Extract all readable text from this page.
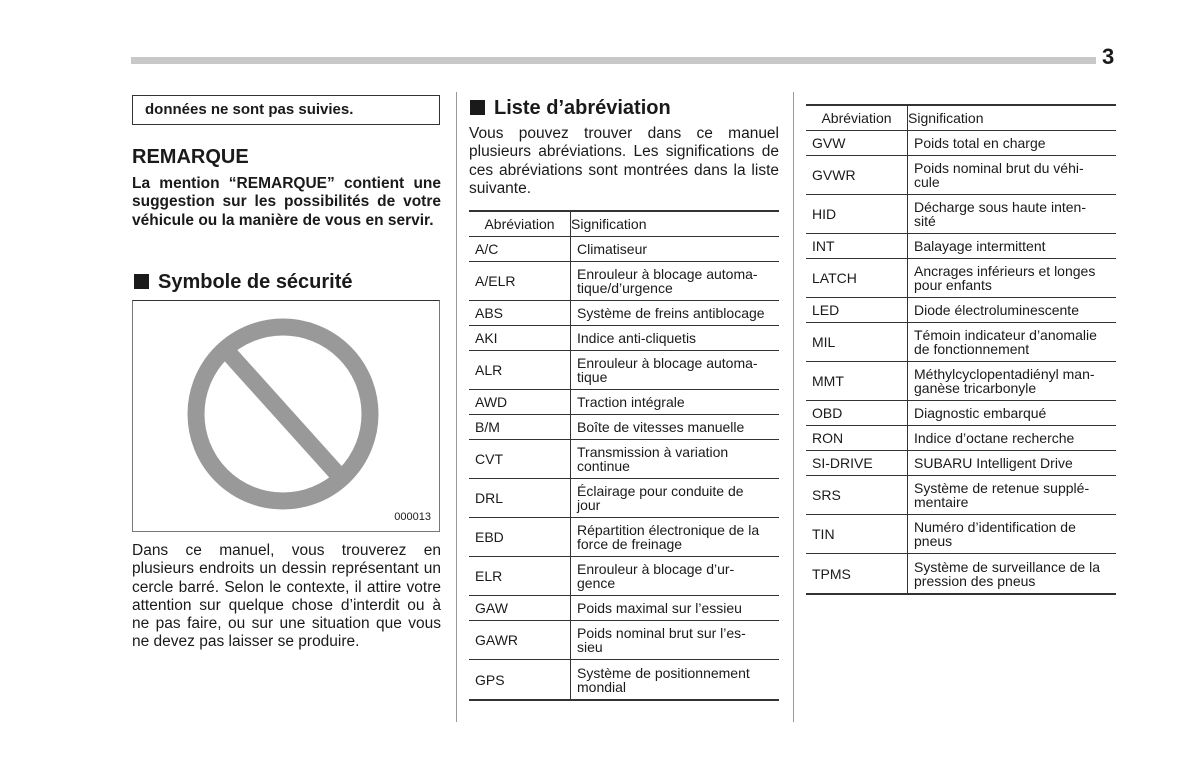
3
données ne sont pas suivies.
REMARQUE
La mention “REMARQUE” contient une suggestion sur les possibilités de votre véhicule ou la manière de vous en servir.
Symbole de sécurité
000013
Dans ce manuel, vous trouverez en plusieurs endroits un dessin représentant un cercle barré. Selon le contexte, il attire votre attention sur quelque chose d’interdit ou à ne pas faire, ou sur une situation que vous ne devez pas laisser se produire.
Liste d’abréviation
Vous pouvez trouver dans ce manuel plusieurs abréviations. Les significations de ces abréviations sont montrées dans la liste suivante.
Abréviation	Signification
A/C	Climatiseur
A/ELR	Enrouleur à blocage automa-
tique/d’urgence
ABS	Système de freins antiblocage
AKI	Indice anti-cliquetis
ALR	Enrouleur à blocage automa-
tique
AWD	Traction intégrale
B/M	Boîte de vitesses manuelle
CVT	Transmission à variation
continue
DRL	Éclairage pour conduite de
jour
EBD	Répartition électronique de la
force de freinage
ELR	Enrouleur à blocage d’ur-
gence
GAW	Poids maximal sur l’essieu
GAWR	Poids nominal brut sur l’es-
sieu
GPS	Système de positionnement
mondial
Abréviation	Signification
GVW	Poids total en charge
GVWR	Poids nominal brut du véhi-
cule
HID	Décharge sous haute inten-
sité
INT	Balayage intermittent
LATCH	Ancrages inférieurs et longes
pour enfants
LED	Diode électroluminescente
MIL	Témoin indicateur d’anomalie
de fonctionnement
MMT	Méthylcyclopentadiényl man-
ganèse tricarbonyle
OBD	Diagnostic embarqué
RON	Indice d’octane recherche
SI-DRIVE	SUBARU Intelligent Drive
SRS	Système de retenue supplé-
mentaire
TIN	Numéro d’identification de
pneus
TPMS	Système de surveillance de la
pression des pneus
